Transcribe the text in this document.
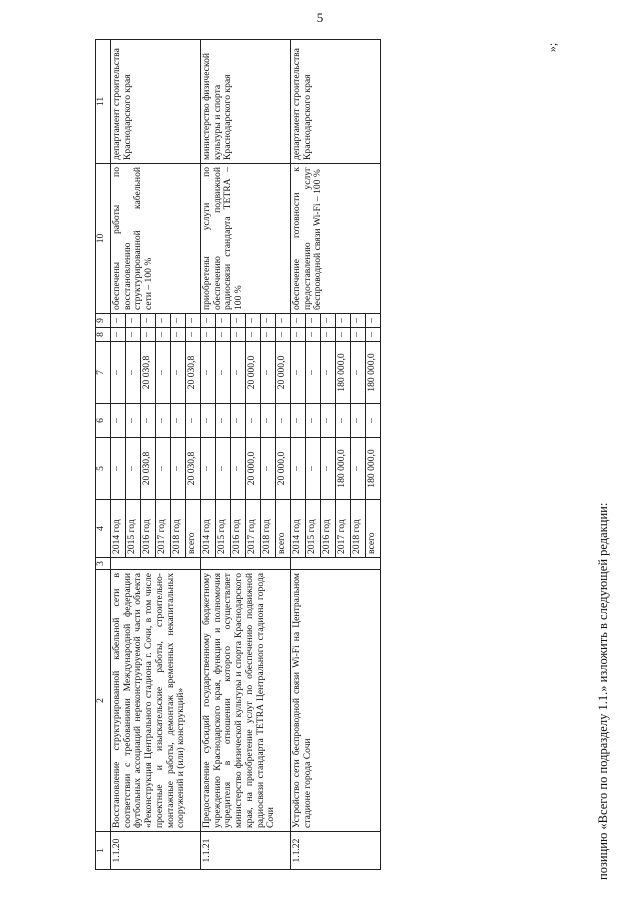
5
1	2	3	4	5	6	7	8	9	10	11
1.1.20	Восстановление структурированной кабельной сети в соответствии с требованиями Международной федерации футбольных ассоциаций нереконструируемой части объекта «Реконструкция Центрального стадиона г. Сочи, в том числе проектные и изыскательские работы, строительно-монтажные работы, демонтаж временных некапитальных сооружений и (или) конструкций»		2014 год	–	–	–	–	–	обеспечены работы по восстановлению структурированной кабельной сети – 100 %	департамент строительства Краснодарского края
			2015 год	–	–	–	–	–		
			2016 год	20 030,8	–	20 030,8	–	–		
			2017 год	–	–	–	–	–		
			2018 год	–	–	–	–	–		
			всего	20 030,8	–	20 030,8	–	–		
1.1.21	Предоставление субсидий государственному бюджетному учреждению Краснодарского края, функции и полномочия учредителя в отношении которого осуществляет министерство физической культуры и спорта Краснодарского края, на приобретение услуг по обеспечению подвижной радиосвязи стандарта TETRA Центрального стадиона города Сочи		2014 год	–	–	–	–	–	приобретены услуги по обеспечению подвижной радиосвязи стандарта TETRA – 100 %	министерство физической культуры и спорта Краснодарского края
			2015 год	–	–	–	–	–		
			2016 год	–	–	–	–	–		
			2017 год	20 000,0	–	20 000,0	–	–		
			2018 год	–	–	–	–	–		
			всего	20 000,0	–	20 000,0	–	–		
1.1.22	Устройство сети беспроводной связи Wi-Fi на Центральном стадионе города Сочи		2014 год	–	–	–	–	–	обеспечение готовности к предоставлению услуг беспроводной связи Wi-Fi – 100 %	департамент строительства Краснодарского края
			2015 год	–	–	–	–	–		
			2016 год	–	–	–	–	–		
			2017 год	180 000,0	–	180 000,0	–	–		
			2018 год	–	–	–	–	–		
			всего	180 000,0	–	180 000,0	–	–		
»;
позицию «Всего по подразделу 1.1.» изложить в следующей редакции:
